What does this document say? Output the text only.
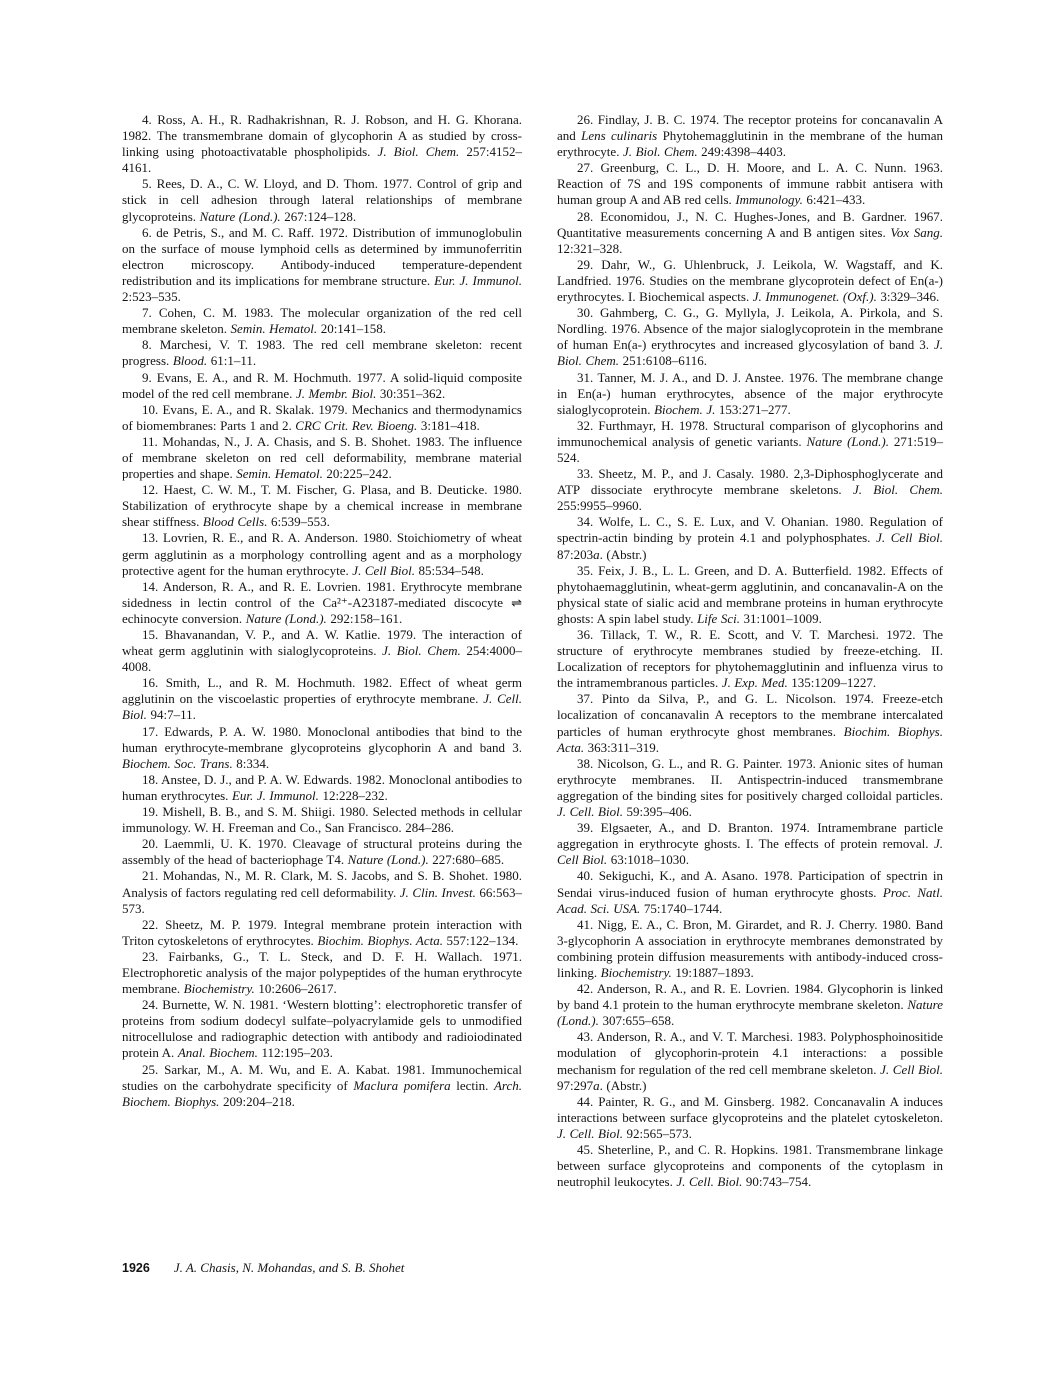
4. Ross, A. H., R. Radhakrishnan, R. J. Robson, and H. G. Khorana. 1982. The transmembrane domain of glycophorin A as studied by cross-linking using photoactivatable phospholipids. J. Biol. Chem. 257:4152–4161.

5. Rees, D. A., C. W. Lloyd, and D. Thom. 1977. Control of grip and stick in cell adhesion through lateral relationships of membrane glycoproteins. Nature (Lond.). 267:124–128.

6. de Petris, S., and M. C. Raff. 1972. Distribution of immunoglobulin on the surface of mouse lymphoid cells as determined by immunoferritin electron microscopy. Antibody-induced temperature-dependent redistribution and its implications for membrane structure. Eur. J. Immunol. 2:523–535.

7. Cohen, C. M. 1983. The molecular organization of the red cell membrane skeleton. Semin. Hematol. 20:141–158.

8. Marchesi, V. T. 1983. The red cell membrane skeleton: recent progress. Blood. 61:1–11.

9. Evans, E. A., and R. M. Hochmuth. 1977. A solid-liquid composite model of the red cell membrane. J. Membr. Biol. 30:351–362.

10. Evans, E. A., and R. Skalak. 1979. Mechanics and thermodynamics of biomembranes: Parts 1 and 2. CRC Crit. Rev. Bioeng. 3:181–418.

11. Mohandas, N., J. A. Chasis, and S. B. Shohet. 1983. The influence of membrane skeleton on red cell deformability, membrane material properties and shape. Semin. Hematol. 20:225–242.

12. Haest, C. W. M., T. M. Fischer, G. Plasa, and B. Deuticke. 1980. Stabilization of erythrocyte shape by a chemical increase in membrane shear stiffness. Blood Cells. 6:539–553.

13. Lovrien, R. E., and R. A. Anderson. 1980. Stoichiometry of wheat germ agglutinin as a morphology controlling agent and as a morphology protective agent for the human erythrocyte. J. Cell Biol. 85:534–548.

14. Anderson, R. A., and R. E. Lovrien. 1981. Erythrocyte membrane sidedness in lectin control of the Ca²⁺-A23187-mediated discocyte ⇌ echinocyte conversion. Nature (Lond.). 292:158–161.

15. Bhavanandan, V. P., and A. W. Katlie. 1979. The interaction of wheat germ agglutinin with sialoglycoproteins. J. Biol. Chem. 254:4000–4008.

16. Smith, L., and R. M. Hochmuth. 1982. Effect of wheat germ agglutinin on the viscoelastic properties of erythrocyte membrane. J. Cell. Biol. 94:7–11.

17. Edwards, P. A. W. 1980. Monoclonal antibodies that bind to the human erythrocyte-membrane glycoproteins glycophorin A and band 3. Biochem. Soc. Trans. 8:334.

18. Anstee, D. J., and P. A. W. Edwards. 1982. Monoclonal antibodies to human erythrocytes. Eur. J. Immunol. 12:228–232.

19. Mishell, B. B., and S. M. Shiigi. 1980. Selected methods in cellular immunology. W. H. Freeman and Co., San Francisco. 284–286.

20. Laemmli, U. K. 1970. Cleavage of structural proteins during the assembly of the head of bacteriophage T4. Nature (Lond.). 227:680–685.

21. Mohandas, N., M. R. Clark, M. S. Jacobs, and S. B. Shohet. 1980. Analysis of factors regulating red cell deformability. J. Clin. Invest. 66:563–573.

22. Sheetz, M. P. 1979. Integral membrane protein interaction with Triton cytoskeletons of erythrocytes. Biochim. Biophys. Acta. 557:122–134.

23. Fairbanks, G., T. L. Steck, and D. F. H. Wallach. 1971. Electrophoretic analysis of the major polypeptides of the human erythrocyte membrane. Biochemistry. 10:2606–2617.

24. Burnette, W. N. 1981. ‘Western blotting’: electrophoretic transfer of proteins from sodium dodecyl sulfate–polyacrylamide gels to unmodified nitrocellulose and radiographic detection with antibody and radioiodinated protein A. Anal. Biochem. 112:195–203.

25. Sarkar, M., A. M. Wu, and E. A. Kabat. 1981. Immunochemical studies on the carbohydrate specificity of Maclura pomifera lectin. Arch. Biochem. Biophys. 209:204–218.

26. Findlay, J. B. C. 1974. The receptor proteins for concanavalin A and Lens culinaris Phytohemagglutinin in the membrane of the human erythrocyte. J. Biol. Chem. 249:4398–4403.

27. Greenburg, C. L., D. H. Moore, and L. A. C. Nunn. 1963. Reaction of 7S and 19S components of immune rabbit antisera with human group A and AB red cells. Immunology. 6:421–433.

28. Economidou, J., N. C. Hughes-Jones, and B. Gardner. 1967. Quantitative measurements concerning A and B antigen sites. Vox Sang. 12:321–328.

29. Dahr, W., G. Uhlenbruck, J. Leikola, W. Wagstaff, and K. Landfried. 1976. Studies on the membrane glycoprotein defect of En(a-) erythrocytes. I. Biochemical aspects. J. Immunogenet. (Oxf.). 3:329–346.

30. Gahmberg, C. G., G. Myllyla, J. Leikola, A. Pirkola, and S. Nordling. 1976. Absence of the major sialoglycoprotein in the membrane of human En(a-) erythrocytes and increased glycosylation of band 3. J. Biol. Chem. 251:6108–6116.

31. Tanner, M. J. A., and D. J. Anstee. 1976. The membrane change in En(a-) human erythrocytes, absence of the major erythrocyte sialoglycoprotein. Biochem. J. 153:271–277.

32. Furthmayr, H. 1978. Structural comparison of glycophorins and immunochemical analysis of genetic variants. Nature (Lond.). 271:519–524.

33. Sheetz, M. P., and J. Casaly. 1980. 2,3-Diphosphoglycerate and ATP dissociate erythrocyte membrane skeletons. J. Biol. Chem. 255:9955–9960.

34. Wolfe, L. C., S. E. Lux, and V. Ohanian. 1980. Regulation of spectrin-actin binding by protein 4.1 and polyphosphates. J. Cell Biol. 87:203a. (Abstr.)

35. Feix, J. B., L. L. Green, and D. A. Butterfield. 1982. Effects of phytohaemagglutinin, wheat-germ agglutinin, and concanavalin-A on the physical state of sialic acid and membrane proteins in human erythrocyte ghosts: A spin label study. Life Sci. 31:1001–1009.

36. Tillack, T. W., R. E. Scott, and V. T. Marchesi. 1972. The structure of erythrocyte membranes studied by freeze-etching. II. Localization of receptors for phytohemagglutinin and influenza virus to the intramembranous particles. J. Exp. Med. 135:1209–1227.

37. Pinto da Silva, P., and G. L. Nicolson. 1974. Freeze-etch localization of concanavalin A receptors to the membrane intercalated particles of human erythrocyte ghost membranes. Biochim. Biophys. Acta. 363:311–319.

38. Nicolson, G. L., and R. G. Painter. 1973. Anionic sites of human erythrocyte membranes. II. Antispectrin-induced transmembrane aggregation of the binding sites for positively charged colloidal particles. J. Cell. Biol. 59:395–406.

39. Elgsaeter, A., and D. Branton. 1974. Intramembrane particle aggregation in erythrocyte ghosts. I. The effects of protein removal. J. Cell Biol. 63:1018–1030.

40. Sekiguchi, K., and A. Asano. 1978. Participation of spectrin in Sendai virus-induced fusion of human erythrocyte ghosts. Proc. Natl. Acad. Sci. USA. 75:1740–1744.

41. Nigg, E. A., C. Bron, M. Girardet, and R. J. Cherry. 1980. Band 3-glycophorin A association in erythrocyte membranes demonstrated by combining protein diffusion measurements with antibody-induced cross-linking. Biochemistry. 19:1887–1893.

42. Anderson, R. A., and R. E. Lovrien. 1984. Glycophorin is linked by band 4.1 protein to the human erythrocyte membrane skeleton. Nature (Lond.). 307:655–658.

43. Anderson, R. A., and V. T. Marchesi. 1983. Polyphosphoinositide modulation of glycophorin-protein 4.1 interactions: a possible mechanism for regulation of the red cell membrane skeleton. J. Cell Biol. 97:297a. (Abstr.)

44. Painter, R. G., and M. Ginsberg. 1982. Concanavalin A induces interactions between surface glycoproteins and the platelet cytoskeleton. J. Cell. Biol. 92:565–573.

45. Sheterline, P., and C. R. Hopkins. 1981. Transmembrane linkage between surface glycoproteins and components of the cytoplasm in neutrophil leukocytes. J. Cell. Biol. 90:743–754.

1926 J. A. Chasis, N. Mohandas, and S. B. Shohet
